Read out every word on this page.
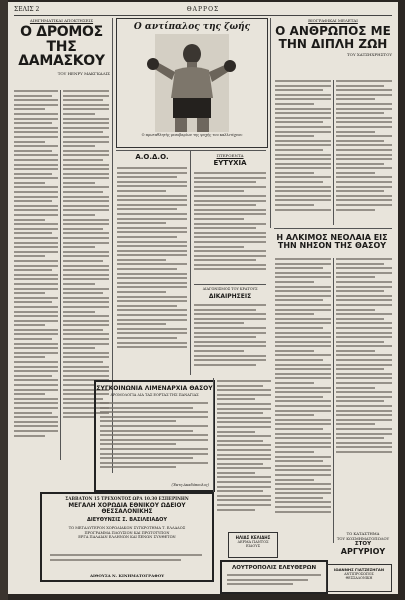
ΣΕΛΙΣ 2	ΘΑΡΡΟΣ
ΔΙΗΓΗΜΑΤΙΚΑΙ ΑΠΟΚΤΗΣΕΙΣ
Ο ΔΡΟΜΟΣ ΤΗΣ ΔΑΜΑΣΚΟΥ
ΤΟΥ ΗΕΝΡΥ ΜΑΚΓΚΑΛΙΣ
Ο αντίπαλος της ζωής
Ο πρωταθλητής μεσοβαρίων της ψυχής του καλλιτέχνου
Α.Ο.Δ.Ο.	ΠΤΕΡΟΕΝΤΑ
ΕΥΤΥΧΙΑ
ΔΙΑΓΩΝΙΣΜΟΣ ΤΟΥ ΚΡΑΤΟΥΣ
ΔΙΚΑΙΡΗΣΕΙΣ
ΒΙΟΓΡΑΦΙΚΑΙ ΜΕΛΕΤΑΙ
Ο ΑΝΘΡΩΠΟΣ ΜΕ ΤΗΝ ΔΙΠΛΗ ΖΩΗ
ΤΟΥ ΧΑΤΖΗΧΡΗΣΤΟΥ
Η ΑΛΚΙΜΟΣ ΝΕΟΛΑΙΑ ΕΙΣ ΤΗΝ ΝΗΣΟΝ ΤΗΣ ΘΑΣΟΥ
ΣΥΓΚΟΙΝΩΝΙΑ ΛΙΜΕΝΑΡΧΙΑ ΘΑΣΟΥ
ΔΡΟΜΟΛΟΓΙΑ ΔΙΑ ΤΑΣ ΕΟΡΤΑΣ ΤΗΣ ΠΑΝΑΓΙΑΣ
(Έκτη Ακαδόπουλος)
ΣΑΒΒΑΤΟΝ 15 ΤΡΕΧΟΝΤΟΣ ΩΡΑ 10.30 ΕΣΠΕΡΙΝΗΝ
ΜΕΓΑΛΗ ΧΟΡΩΔΙΑ ΕΘΝΙΚΟΥ ΩΔΕΙΟΥ ΘΕΣΣΑΛΟΝΙΚΗΣ
ΔΙΕΥΘΥΝΣΙΣ Σ. ΒΑΣΙΛΕΙΑΔΟΥ
ΤΟ ΜΕΓΑΛΥΤΕΡΟΝ ΧΟΡΩΔΙΑΚΟΝ ΣΥΓΚΡΟΤΗΜΑ Τ. ΕΛΛΑΔΟΣ
ΠΡΟΓΡΑΜΜΑ ΠΛΟΥΣΙΟΝ ΚΑΙ ΠΡΩΤΟΤΥΠΟΝ
ΕΡΓΑ ΠΑΛΑΙΑΝ ΕΛΛΗΝΩΝ ΚΑΙ ΞΕΝΩΝ ΣΥΝΘΕΤΩΝ
ΑΙΘΟΥΣΑ Ν. ΚΙΝΗΜΑΤΟΓΡΑΦΟΥ
ΗΛΙΑΣ ΚΕΛΙΔΗΣ
ΔΕΡΜΑ ΠΑΝΤΟΣ
ΕΙΔΟΥΣ
ΛΟΥΤΡΟΠΟΛΙΣ ΕΛΕΥΘΕΡΩΝ
ΤΟ ΚΑΤΑΣΤΗΜΑ
ΤΟΥ ΚΟΣΜΗΜΑΤΟΠΩΛΟΥ
ΣΤΟΥ
ΑΡΓΥΡΙΟΥ
ΙΩΑΝΝΗΣ ΓΙΑΤΖΕΣΗΓΑΝ
ΑΝΤΙΠΡΟΣΩΠΟΣ
ΘΕΣΣΑΛΟΝΙΚΗ
